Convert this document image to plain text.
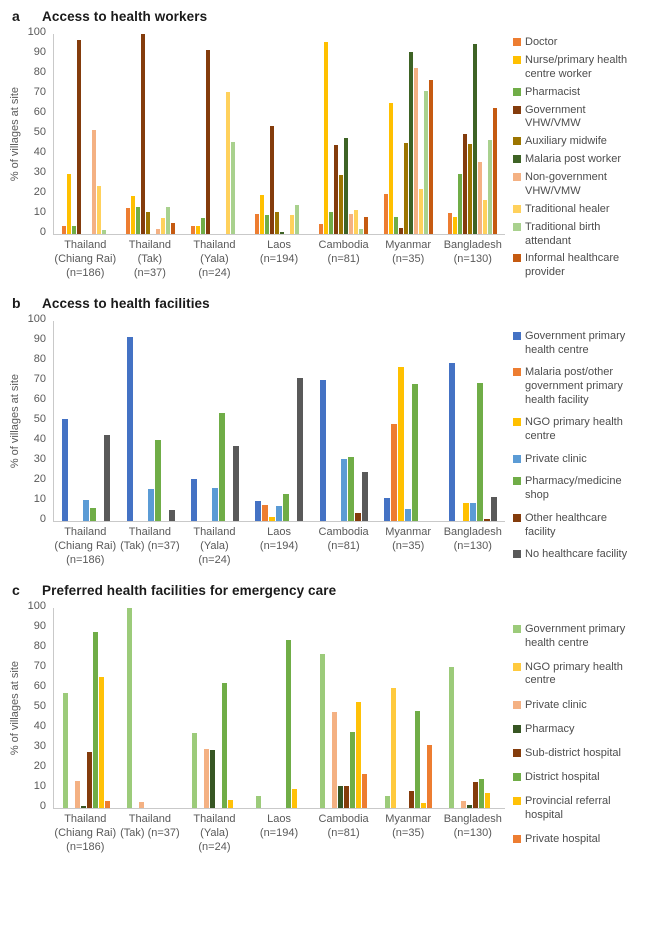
a	Access to health workers
% of villages at site
0
10
20
30
40
50
60
70
80
90
100
Thailand
(Chiang Rai)
(n=186)
Thailand
(Tak)
(n=37)
Thailand
(Yala)
(n=24)
Laos
(n=194)
Cambodia
(n=81)
Myanmar
(n=35)
Bangladesh
(n=130)
Doctor
Nurse/primary health centre worker
Pharmacist
Government VHW/VMW
Auxiliary midwife
Malaria post worker
Non-government VHW/VMW
Traditional healer
Traditional birth attendant
Informal healthcare provider
b	Access to health facilities
% of villages at site
0
10
20
30
40
50
60
70
80
90
100
Thailand
(Chiang Rai)
(n=186)
Thailand
(Tak) (n=37)
Thailand
(Yala)
(n=24)
Laos
(n=194)
Cambodia
(n=81)
Myanmar
(n=35)
Bangladesh
(n=130)
Government primary health centre
Malaria post/other government primary health facility
NGO primary health centre
Private clinic
Pharmacy/medicine shop
Other healthcare facility
No healthcare facility
c	Preferred health facilities for emergency care
% of villages at site
0
10
20
30
40
50
60
70
80
90
100
Thailand
(Chiang Rai)
(n=186)
Thailand
(Tak) (n=37)
Thailand
(Yala)
(n=24)
Laos
(n=194)
Cambodia
(n=81)
Myanmar
(n=35)
Bangladesh
(n=130)
Government primary health centre
NGO primary health centre
Private clinic
Pharmacy
Sub-district hospital
District hospital
Provincial referral hospital
Private hospital
